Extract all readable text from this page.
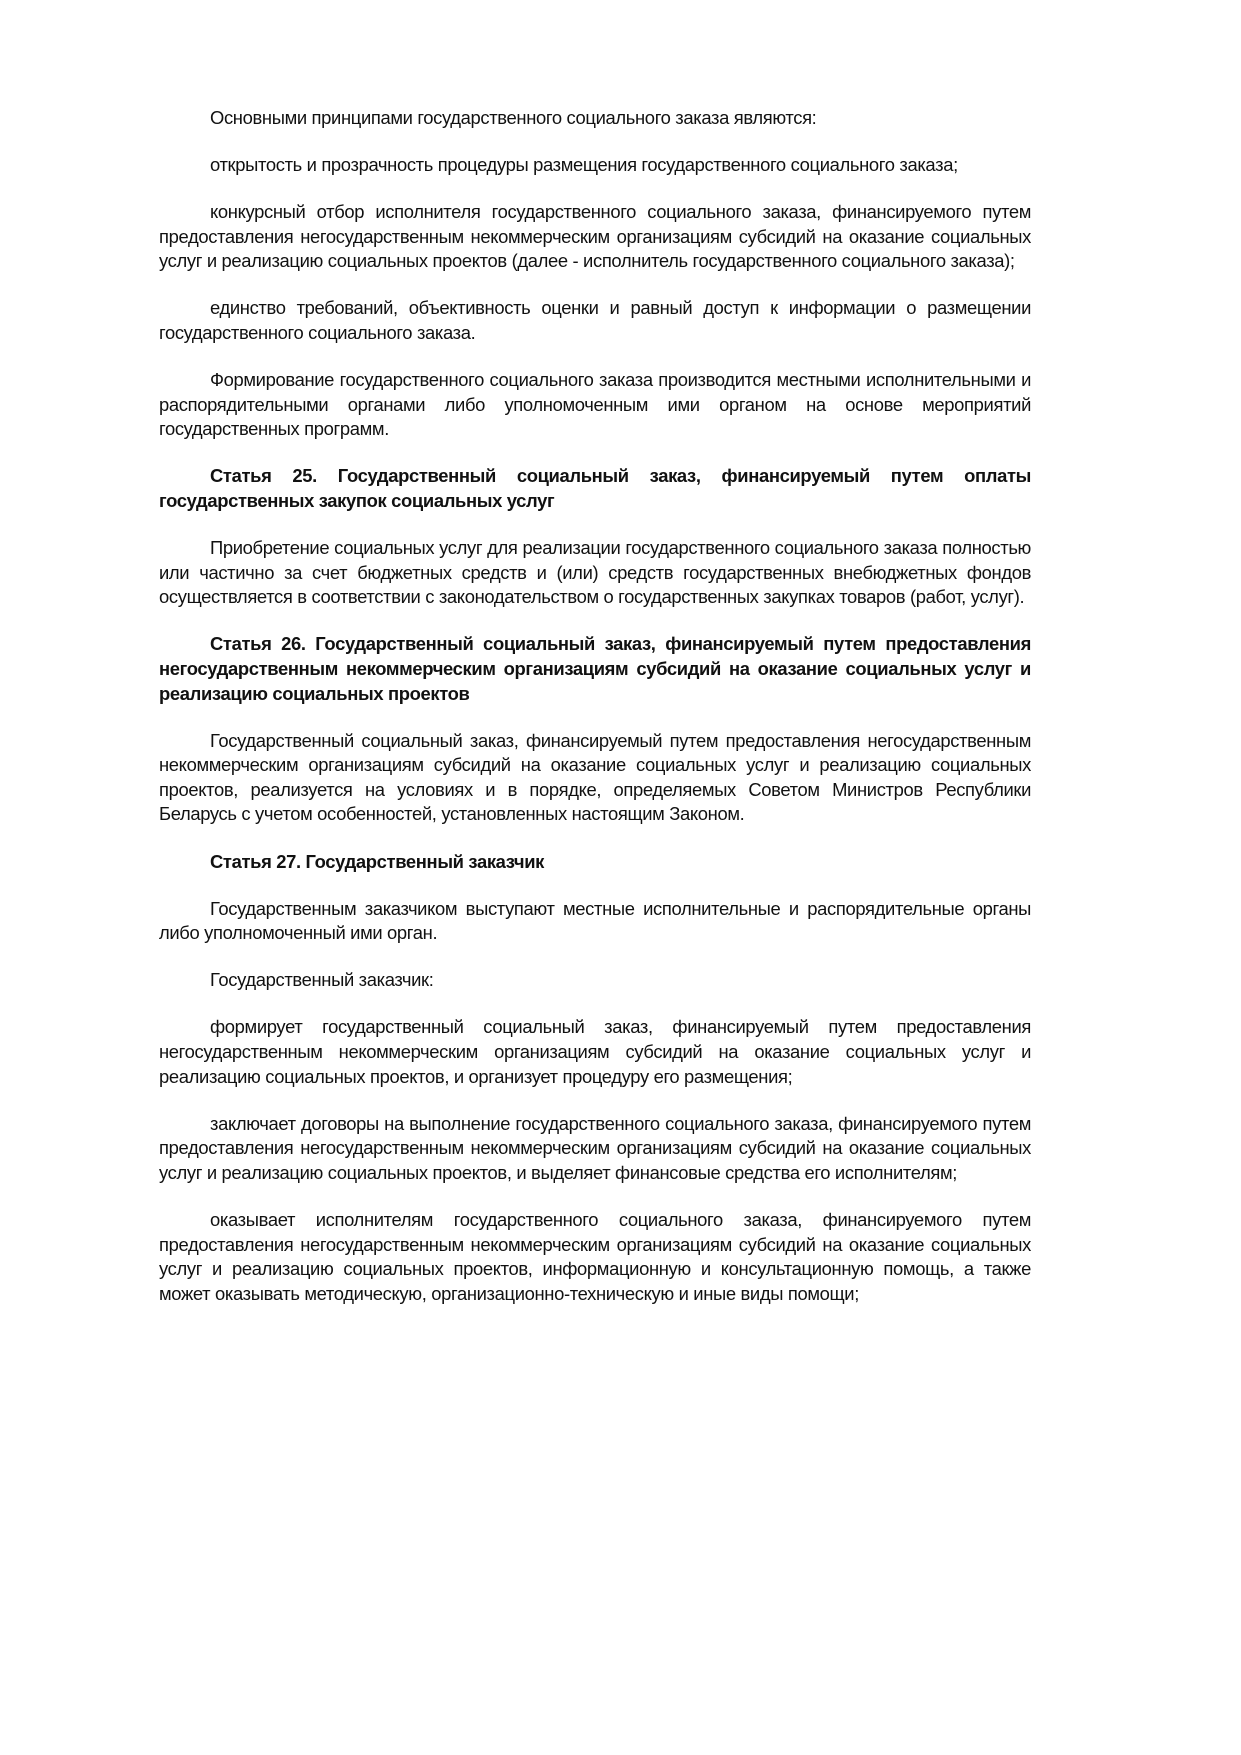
Основными принципами государственного социального заказа являются:

открытость и прозрачность процедуры размещения государственного социального заказа;

конкурсный отбор исполнителя государственного социального заказа, финансируемого путем предоставления негосударственным некоммерческим организациям субсидий на оказание социальных услуг и реализацию социальных проектов (далее - исполнитель государственного социального заказа);

единство требований, объективность оценки и равный доступ к информации о размещении государственного социального заказа.

Формирование государственного социального заказа производится местными исполнительными и распорядительными органами либо уполномоченным ими органом на основе мероприятий государственных программ.

Статья 25. Государственный социальный заказ, финансируемый путем оплаты государственных закупок социальных услуг

Приобретение социальных услуг для реализации государственного социального заказа полностью или частично за счет бюджетных средств и (или) средств государственных внебюджетных фондов осуществляется в соответствии с законодательством о государственных закупках товаров (работ, услуг).

Статья 26. Государственный социальный заказ, финансируемый путем предоставления негосударственным некоммерческим организациям субсидий на оказание социальных услуг и реализацию социальных проектов

Государственный социальный заказ, финансируемый путем предоставления негосударственным некоммерческим организациям субсидий на оказание социальных услуг и реализацию социальных проектов, реализуется на условиях и в порядке, определяемых Советом Министров Республики Беларусь с учетом особенностей, установленных настоящим Законом.

Статья 27. Государственный заказчик

Государственным заказчиком выступают местные исполнительные и распорядительные органы либо уполномоченный ими орган.

Государственный заказчик:

формирует государственный социальный заказ, финансируемый путем предоставления негосударственным некоммерческим организациям субсидий на оказание социальных услуг и реализацию социальных проектов, и организует процедуру его размещения;

заключает договоры на выполнение государственного социального заказа, финансируемого путем предоставления негосударственным некоммерческим организациям субсидий на оказание социальных услуг и реализацию социальных проектов, и выделяет финансовые средства его исполнителям;

оказывает исполнителям государственного социального заказа, финансируемого путем предоставления негосударственным некоммерческим организациям субсидий на оказание социальных услуг и реализацию социальных проектов, информационную и консультационную помощь, а также может оказывать методическую, организационно-техническую и иные виды помощи;
